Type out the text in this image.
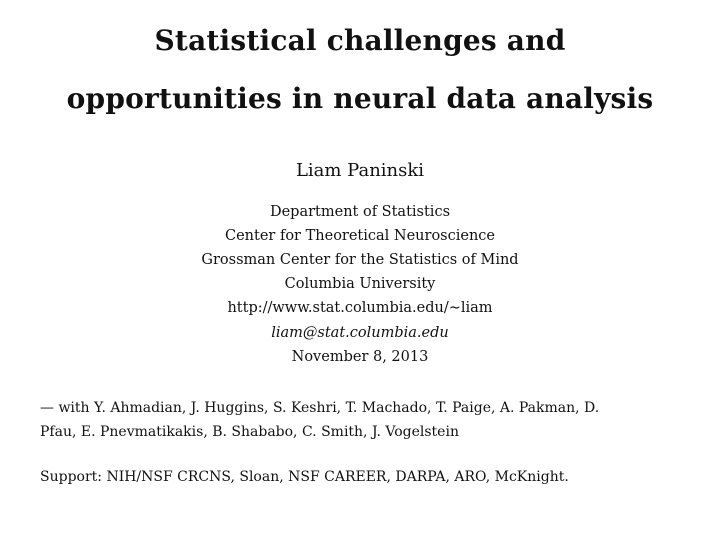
Statistical challenges and
opportunities in neural data analysis
Liam Paninski
Department of Statistics
Center for Theoretical Neuroscience
Grossman Center for the Statistics of Mind
Columbia University
http://www.stat.columbia.edu/∼liam
liam@stat.columbia.edu
November 8, 2013
— with Y. Ahmadian, J. Huggins, S. Keshri, T. Machado, T. Paige, A. Pakman, D.
Pfau, E. Pnevmatikakis, B. Shababo, C. Smith, J. Vogelstein
Support: NIH/NSF CRCNS, Sloan, NSF CAREER, DARPA, ARO, McKnight.
